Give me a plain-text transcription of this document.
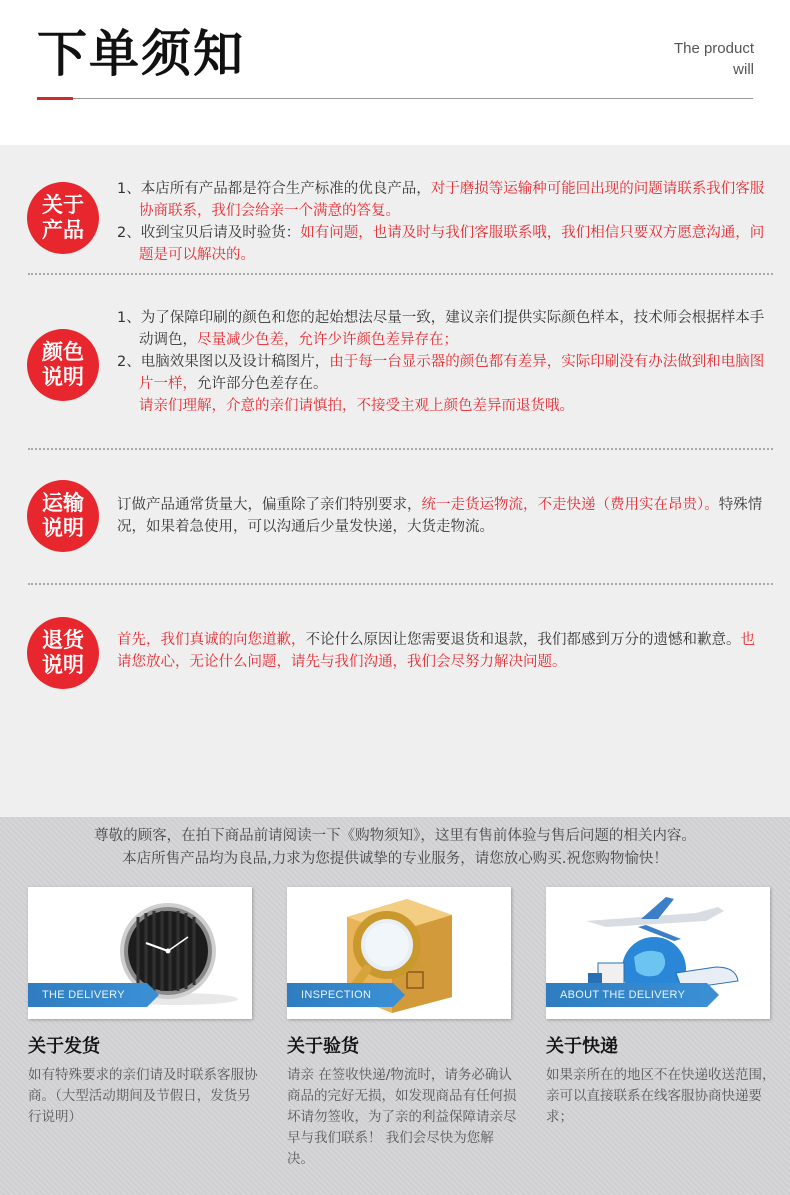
下单须知	The product
will
关于
产品

1、本店所有产品都是符合生产标准的优良产品，对于磨损等运输种可能回出现的问题请联系我们客服协商联系，我们会给亲一个满意的答复。

2、收到宝贝后请及时验货：如有问题，也请及时与我们客服联系哦，我们相信只要双方愿意沟通，问题是可以解决的。

颜色
说明

1、为了保障印刷的颜色和您的起始想法尽量一致，建议亲们提供实际颜色样本，技术师会根据样本手动调色，尽量减少色差，允许少许颜色差异存在；

2、电脑效果图以及设计稿图片，由于每一台显示器的颜色都有差异，实际印刷没有办法做到和电脑图片一样，允许部分色差存在。

请亲们理解，介意的亲们请慎拍，不接受主观上颜色差异而退货哦。

运输
说明

订做产品通常货量大，偏重除了亲们特别要求，统一走货运物流，不走快递（费用实在昂贵）。特殊情况，如果着急使用，可以沟通后少量发快递，大货走物流。

退货
说明

首先，我们真诚的向您道歉，不论什么原因让您需要退货和退款，我们都感到万分的遗憾和歉意。也请您放心，无论什么问题，请先与我们沟通，我们会尽努力解决问题。

尊敬的顾客，在拍下商品前请阅读一下《购物须知》，这里有售前体验与售后问题的相关内容。
本店所售产品均为良品,力求为您提供诚挚的专业服务，请您放心购买.祝您购物愉快！
THE DELIVERY	INSPECTION	ABOUT THE DELIVERY
关于发货
如有特殊要求的亲们请及时联系客服协商。（大型活动期间及节假日，发货另行说明）
关于验货
请亲 在签收快递/物流时，请务必确认商品的完好无损，如发现商品有任何损坏请勿签收，为了亲的利益保障请亲尽早与我们联系！ 我们会尽快为您解决。
关于快递
如果亲所在的地区不在快递收送范围，亲可以直接联系在线客服协商快递要求；
